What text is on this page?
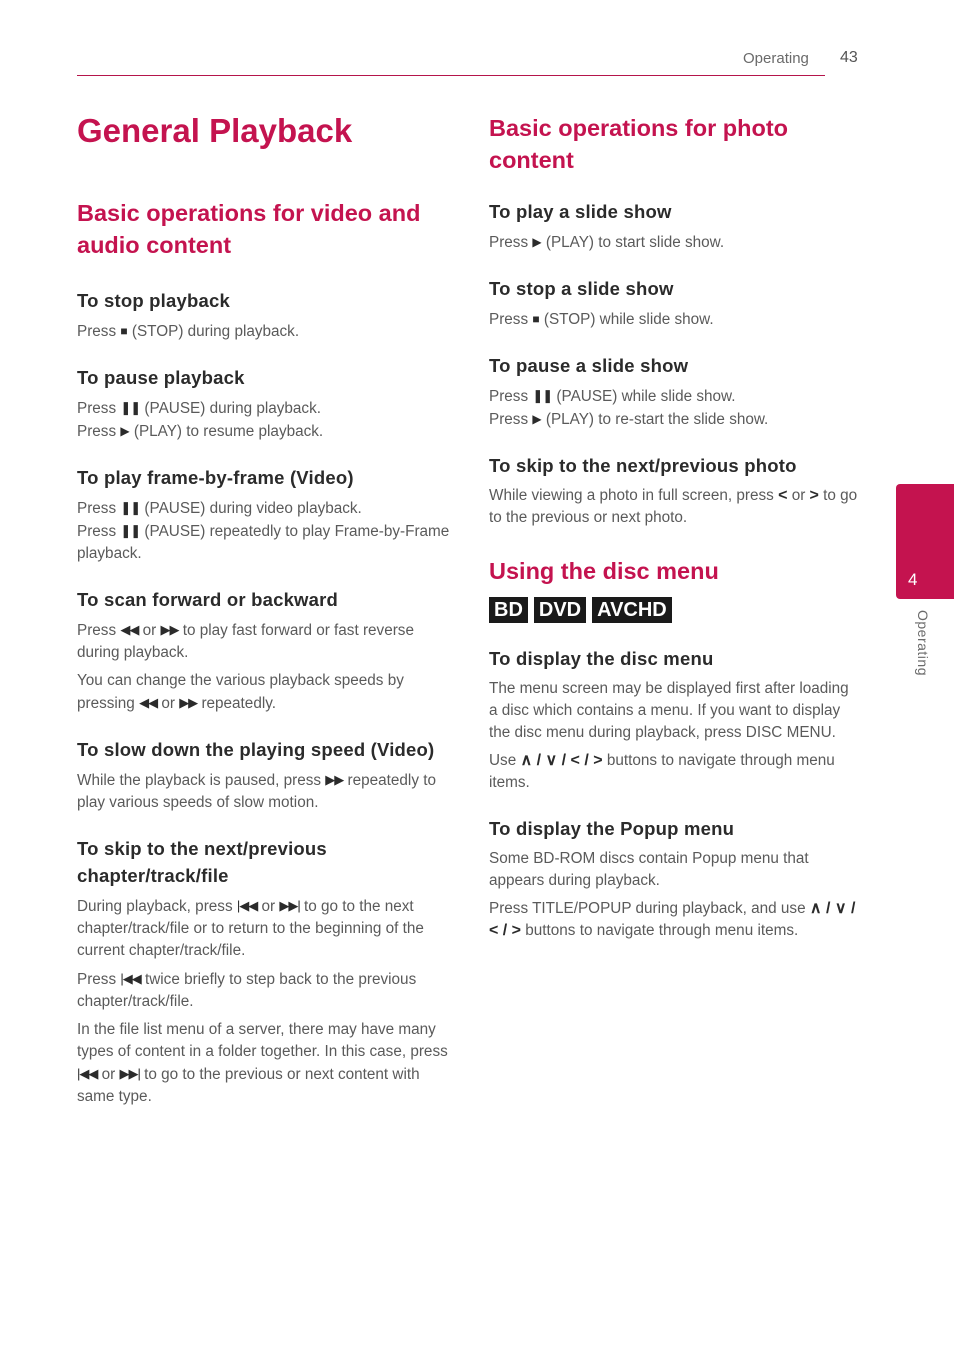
Operating 43
General Playback
Basic operations for video and audio content
To stop playback

Press ■ (STOP) during playback.

To pause playback

Press ❚❚ (PAUSE) during playback.
Press ▶ (PLAY) to resume playback.

To play frame-by-frame (Video)

Press ❚❚ (PAUSE) during video playback.
Press ❚❚ (PAUSE) repeatedly to play Frame-by-Frame playback.

To scan forward or backward

Press ◀◀ or ▶▶ to play fast forward or fast reverse during playback.

You can change the various playback speeds by pressing ◀◀ or ▶▶ repeatedly.

To slow down the playing speed (Video)

While the playback is paused, press ▶▶ repeatedly to play various speeds of slow motion.

To skip to the next/previous chapter/track/file

During playback, press |◀◀ or ▶▶| to go to the next chapter/track/file or to return to the beginning of the current chapter/track/file.

Press |◀◀ twice briefly to step back to the previous chapter/track/file.

In the file list menu of a server, there may have many types of content in a folder together. In this case, press |◀◀ or ▶▶| to go to the previous or next content with same type.

Basic operations for photo content
To play a slide show

Press ▶ (PLAY) to start slide show.

To stop a slide show

Press ■ (STOP) while slide show.

To pause a slide show

Press ❚❚ (PAUSE) while slide show.
Press ▶ (PLAY) to re-start the slide show.

To skip to the next/previous photo

While viewing a photo in full screen, press < or > to go to the previous or next photo.

Using the disc menu
BD DVD AVCHD
To display the disc menu

The menu screen may be displayed first after loading a disc which contains a menu. If you want to display the disc menu during playback, press DISC MENU.

Use ∧ / ∨ / < / > buttons to navigate through menu items.

To display the Popup menu

Some BD-ROM discs contain Popup menu that appears during playback.

Press TITLE/POPUP during playback, and use ∧ / ∨ / < / > buttons to navigate through menu items.

4
Operating
